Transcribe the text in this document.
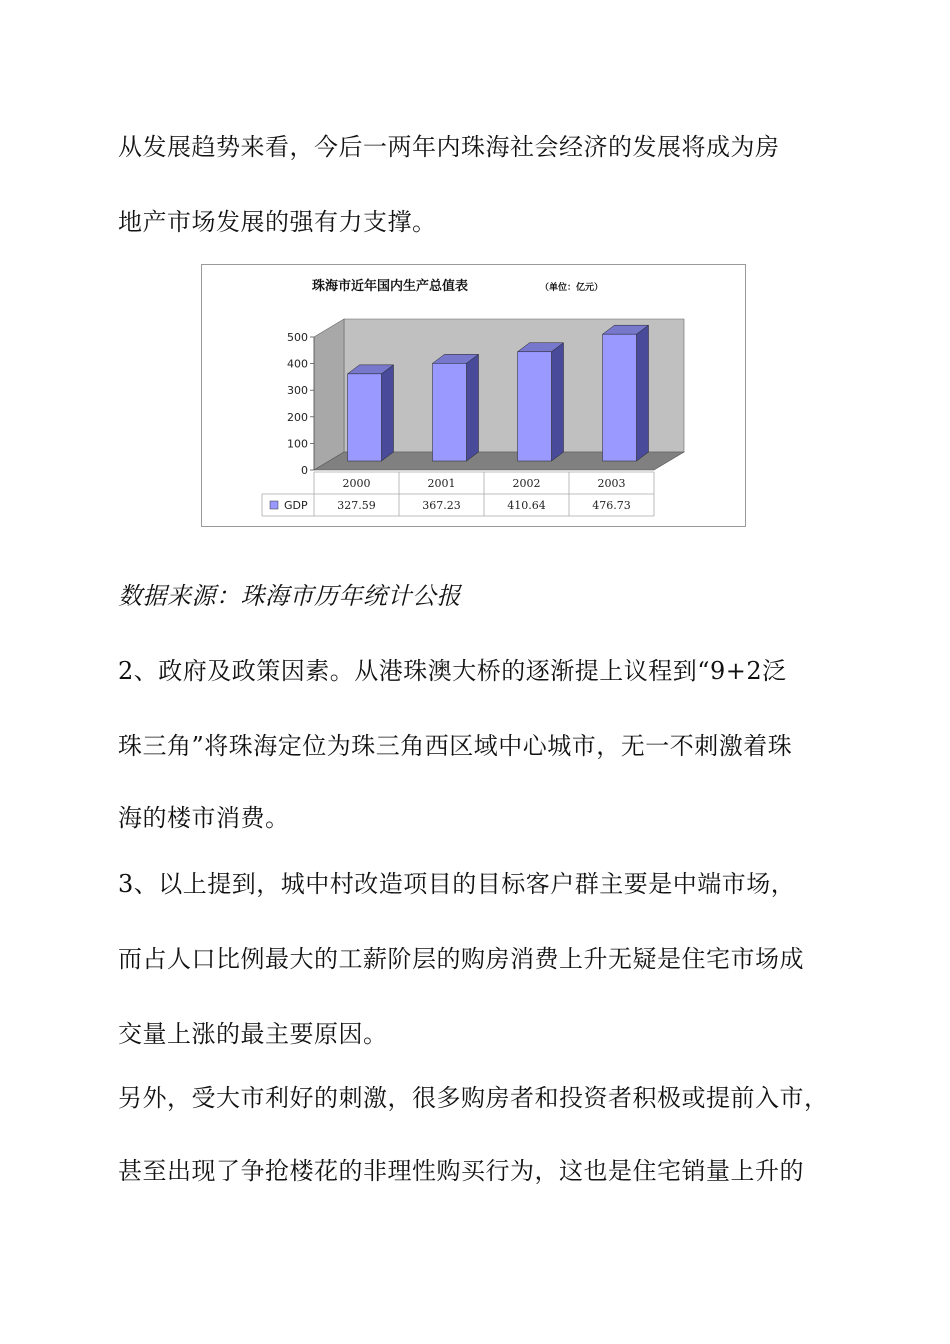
从发展趋势来看，今后一两年内珠海社会经济的发展将成为房
地产市场发展的强有力支撑。
珠海市近年国内生产总值表	（单位：亿元）
0
100
200
300
400
500
2000	2001	2002	2003
GDP	327.59	367.23	410.64	476.73
数据来源：珠海市历年统计公报
2、政府及政策因素。从港珠澳大桥的逐渐提上议程到“9+2泛
珠三角”将珠海定位为珠三角西区域中心城市，无一不刺激着珠
海的楼市消费。
3、以上提到，城中村改造项目的目标客户群主要是中端市场，
而占人口比例最大的工薪阶层的购房消费上升无疑是住宅市场成
交量上涨的最主要原因。
另外，受大市利好的刺激，很多购房者和投资者积极或提前入市，
甚至出现了争抢楼花的非理性购买行为，这也是住宅销量上升的
